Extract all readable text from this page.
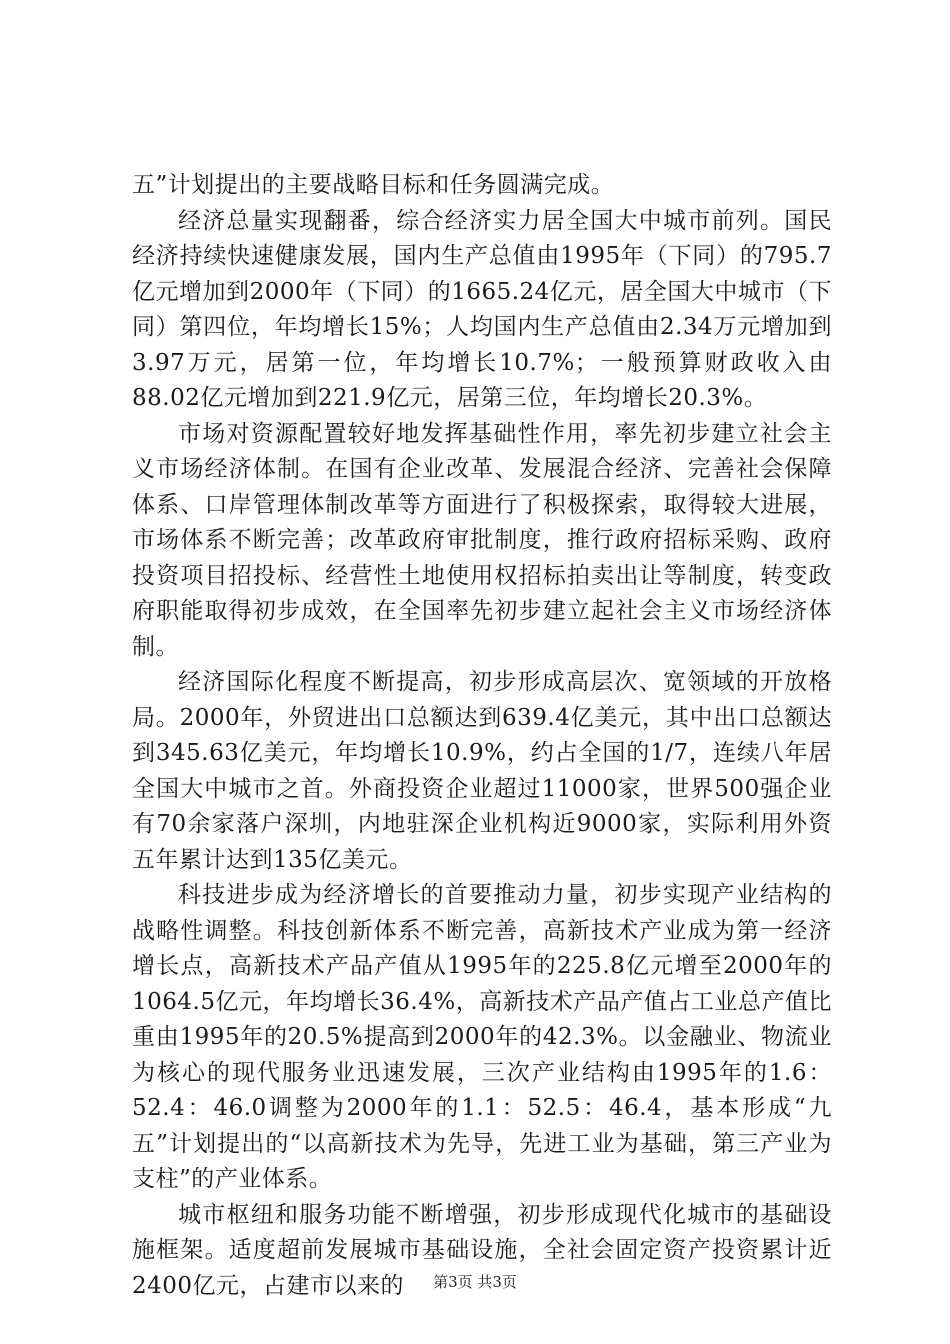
五”计划提出的主要战略目标和任务圆满完成。

经济总量实现翻番，综合经济实力居全国大中城市前列。国民经济持续快速健康发展，国内生产总值由1995年（下同）的795.7亿元增加到2000年（下同）的1665.24亿元，居全国大中城市（下同）第四位，年均增长15%；人均国内生产总值由2.34万元增加到3.97万元，居第一位，年均增长10.7%；一般预算财政收入由88.02亿元增加到221.9亿元，居第三位，年均增长20.3%。

市场对资源配置较好地发挥基础性作用，率先初步建立社会主义市场经济体制。在国有企业改革、发展混合经济、完善社会保障体系、口岸管理体制改革等方面进行了积极探索，取得较大进展，市场体系不断完善；改革政府审批制度，推行政府招标采购、政府投资项目招投标、经营性土地使用权招标拍卖出让等制度，转变政府职能取得初步成效，在全国率先初步建立起社会主义市场经济体制。

经济国际化程度不断提高，初步形成高层次、宽领域的开放格局。2000年，外贸进出口总额达到639.4亿美元，其中出口总额达到345.63亿美元，年均增长10.9%，约占全国的1/7，连续八年居全国大中城市之首。外商投资企业超过11000家，世界500强企业有70余家落户深圳，内地驻深企业机构近9000家，实际利用外资五年累计达到135亿美元。

科技进步成为经济增长的首要推动力量，初步实现产业结构的战略性调整。科技创新体系不断完善，高新技术产业成为第一经济增长点，高新技术产品产值从1995年的225.8亿元增至2000年的1064.5亿元，年均增长36.4%，高新技术产品产值占工业总产值比重由1995年的20.5%提高到2000年的42.3%。以金融业、物流业为核心的现代服务业迅速发展，三次产业结构由1995年的1.6：52.4：46.0调整为2000年的1.1：52.5：46.4，基本形成“九五”计划提出的“以高新技术为先导，先进工业为基础，第三产业为支柱”的产业体系。

城市枢纽和服务功能不断增强，初步形成现代化城市的基础设施框架。适度超前发展城市基础设施，全社会固定资产投资累计近2400亿元，占建市以来的	第3页 共3页
